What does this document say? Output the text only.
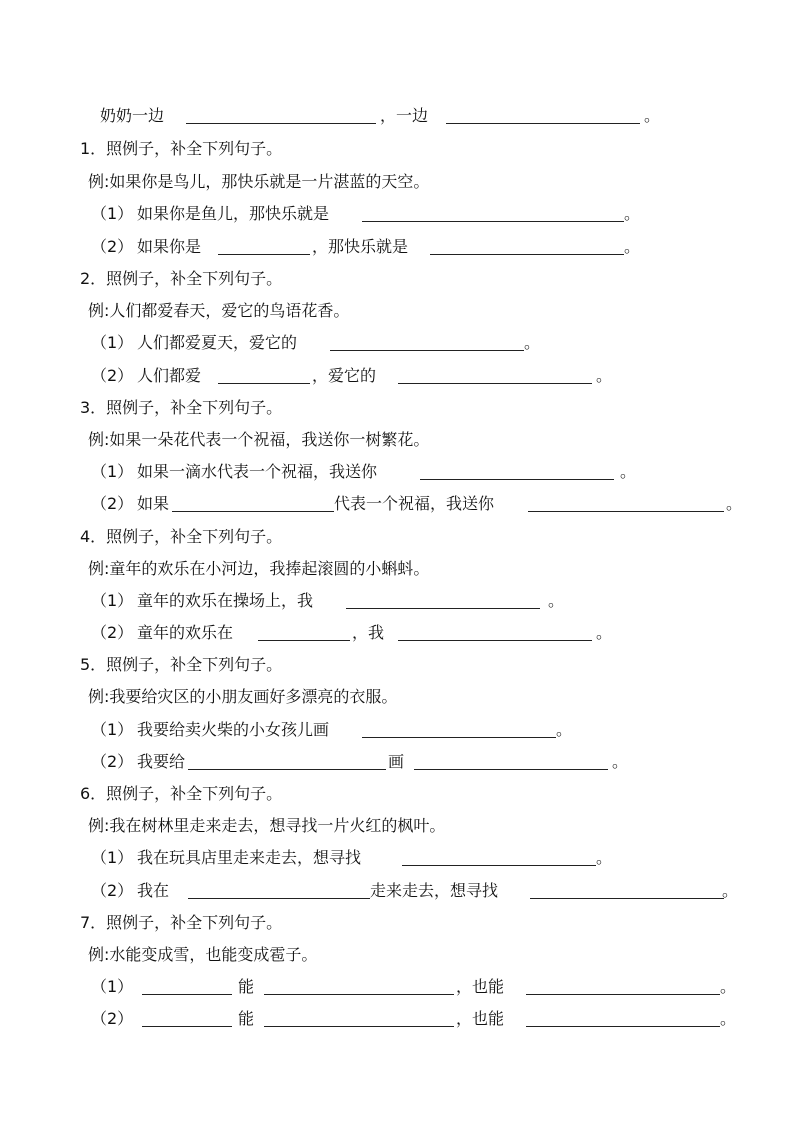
奶奶一边	，一边	。
1．照例子，补全下列句子。
例:如果你是鸟儿，那快乐就是一片湛蓝的天空。
（1） 如果你是鱼儿，那快乐就是	。
（2） 如果你是	，那快乐就是	。
2．照例子，补全下列句子。
例:人们都爱春天，爱它的鸟语花香。
（1） 人们都爱夏天，爱它的	。
（2） 人们都爱	，爱它的	。
3．照例子，补全下列句子。
例:如果一朵花代表一个祝福，我送你一树繁花。
（1） 如果一滴水代表一个祝福，我送你	。
（2） 如果	代表一个祝福，我送你	。
4．照例子，补全下列句子。
例:童年的欢乐在小河边，我捧起滚圆的小蝌蚪。
（1） 童年的欢乐在操场上，我	。
（2） 童年的欢乐在	，我	。
5．照例子，补全下列句子。
例:我要给灾区的小朋友画好多漂亮的衣服。
（1） 我要给卖火柴的小女孩儿画	。
（2） 我要给	画	。
6．照例子，补全下列句子。
例:我在树林里走来走去，想寻找一片火红的枫叶。
（1） 我在玩具店里走来走去，想寻找	。
（2） 我在	走来走去，想寻找	。
7．照例子，补全下列句子。
例:水能变成雪，也能变成雹子。
（1）	能	，也能	。
（2）	能	，也能	。
